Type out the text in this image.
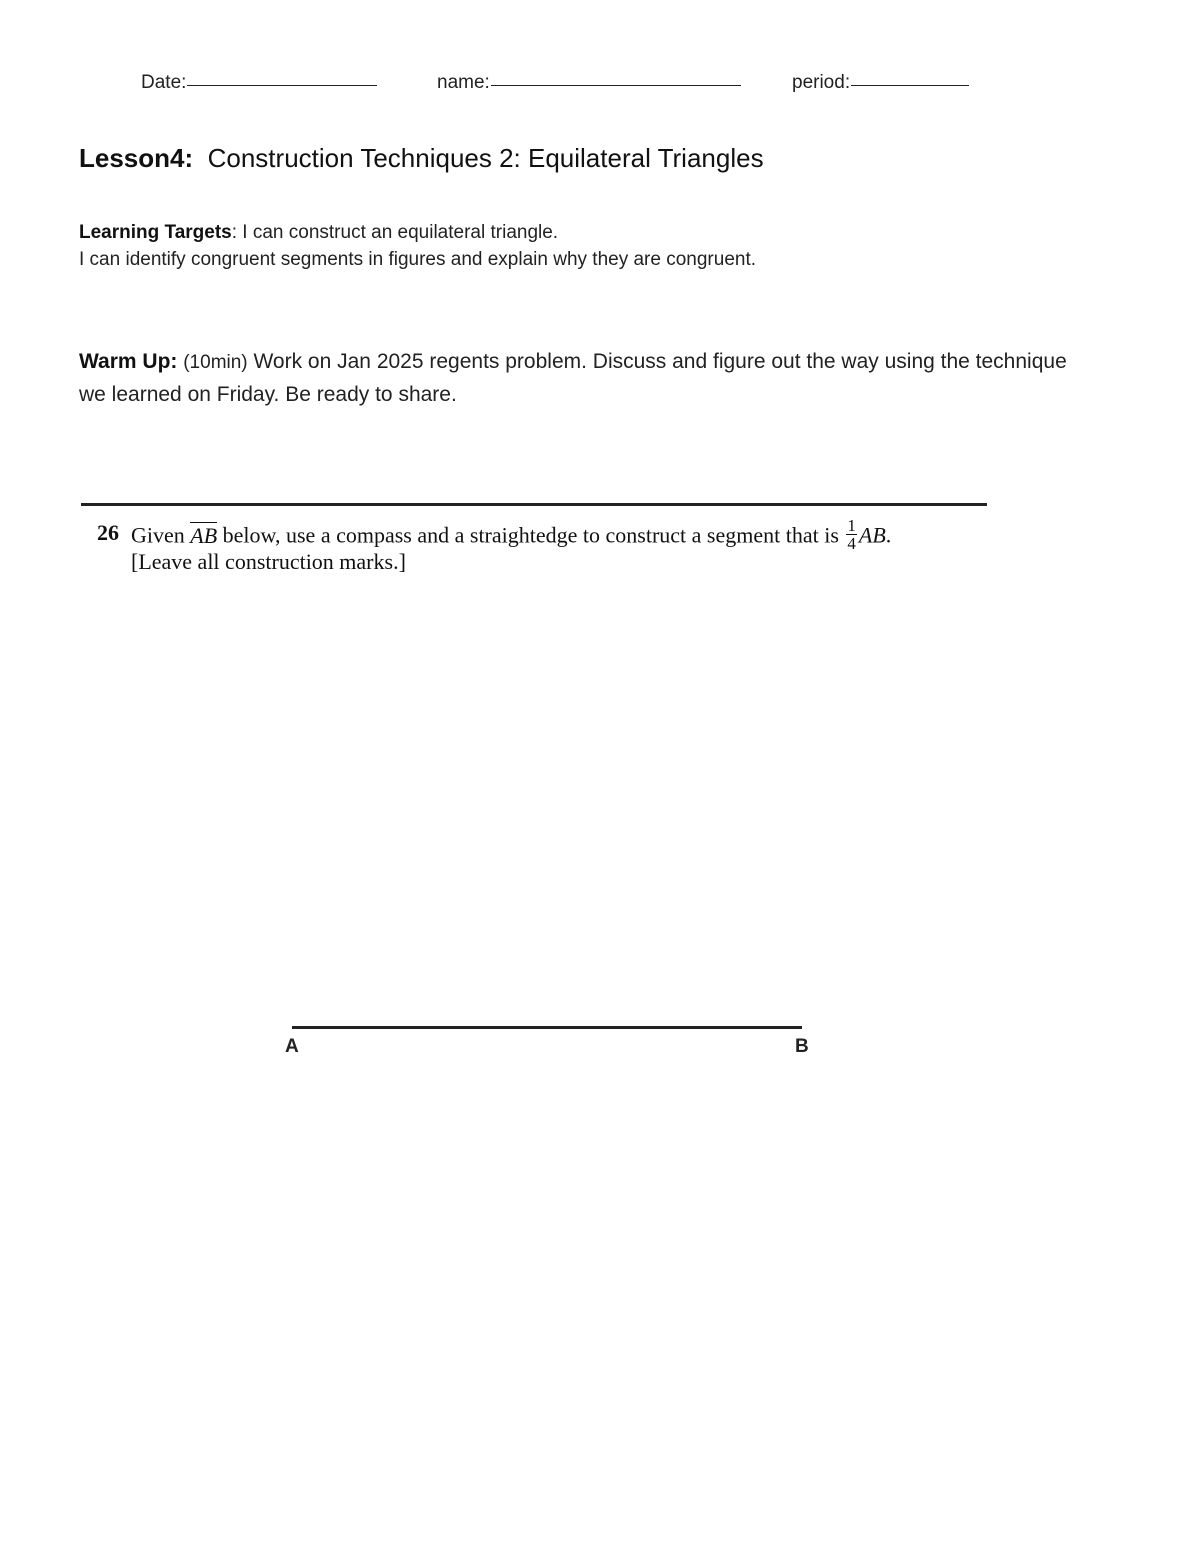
Date:	name:	period:
Lesson4: Construction Techniques 2: Equilateral Triangles
Learning Targets: I can construct an equilateral triangle.
I can identify congruent segments in figures and explain why they are congruent.
Warm Up: (10min) Work on Jan 2025 regents problem. Discuss and figure out the way using the technique we learned on Friday. Be ready to share.
26 Given AB below, use a compass and a straightedge to construct a segment that is $\frac{1}{4}$ AB.
[Leave all construction marks.]
A	B
